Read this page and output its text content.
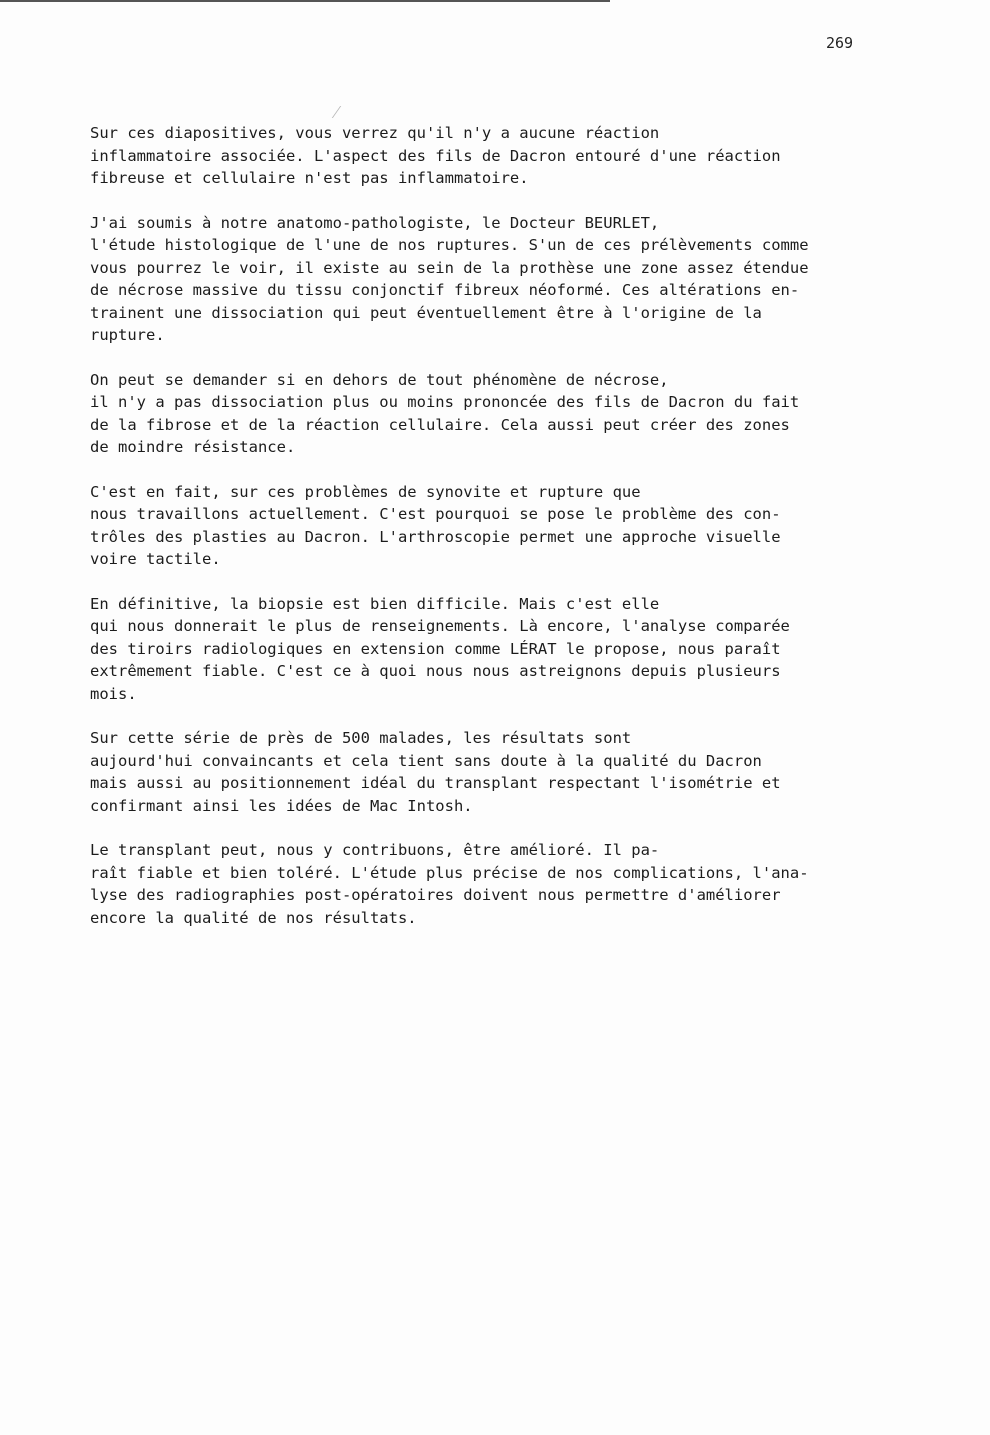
269

Sur ces diapositives, vous verrez qu'il n'y a aucune réaction
inflammatoire associée. L'aspect des fils de Dacron entouré d'une réaction
fibreuse et cellulaire n'est pas inflammatoire.

J'ai soumis à notre anatomo-pathologiste, le Docteur BEURLET,
l'étude histologique de l'une de nos ruptures. S'un de ces prélèvements comme
vous pourrez le voir, il existe au sein de la prothèse une zone assez étendue
de nécrose massive du tissu conjonctif fibreux néoformé. Ces altérations en-
trainent une dissociation qui peut éventuellement être à l'origine de la
rupture.

On peut se demander si en dehors de tout phénomène de nécrose,
il n'y a pas dissociation plus ou moins prononcée des fils de Dacron du fait
de la fibrose et de la réaction cellulaire. Cela aussi peut créer des zones
de moindre résistance.

C'est en fait, sur ces problèmes de synovite et rupture que
nous travaillons actuellement. C'est pourquoi se pose le problème des con-
trôles des plasties au Dacron. L'arthroscopie permet une approche visuelle
voire tactile.

En définitive, la biopsie est bien difficile. Mais c'est elle
qui nous donnerait le plus de renseignements. Là encore, l'analyse comparée
des tiroirs radiologiques en extension comme LÉRAT le propose, nous paraît
extrêmement fiable. C'est ce à quoi nous nous astreignons depuis plusieurs
mois.

Sur cette série de près de 500 malades, les résultats sont
aujourd'hui convaincants et cela tient sans doute à la qualité du Dacron
mais aussi au positionnement idéal du transplant respectant l'isométrie et
confirmant ainsi les idées de Mac Intosh.

Le transplant peut, nous y contribuons, être amélioré. Il pa-
raît fiable et bien toléré. L'étude plus précise de nos complications, l'ana-
lyse des radiographies post-opératoires doivent nous permettre d'améliorer
encore la qualité de nos résultats.
